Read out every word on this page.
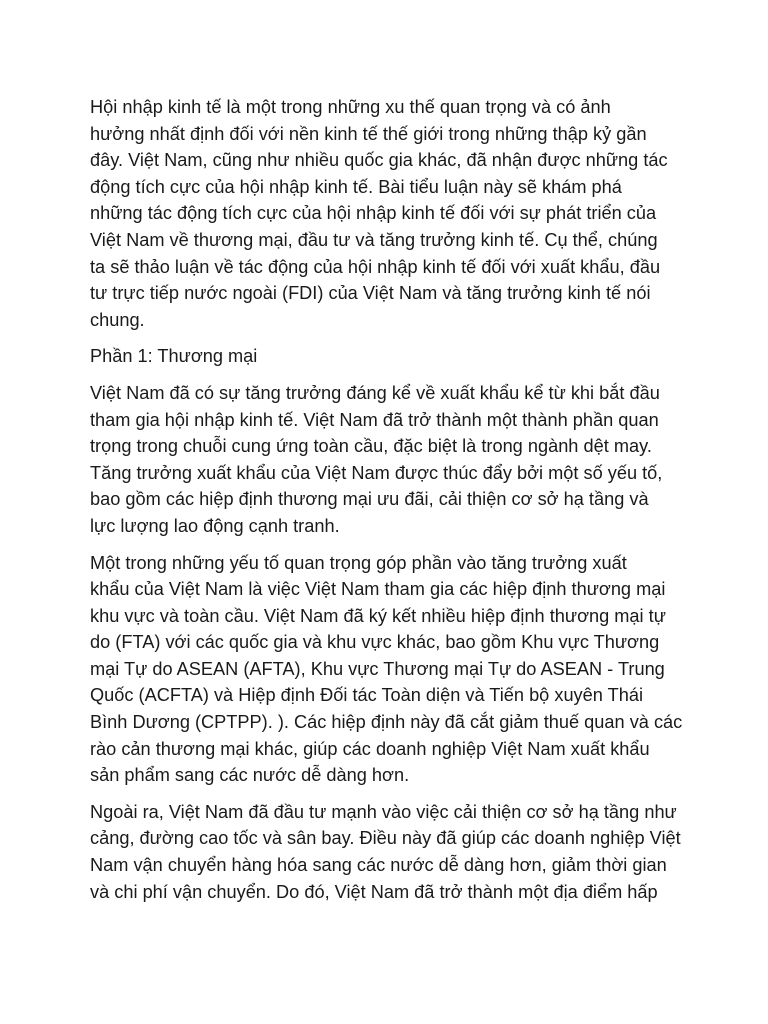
Hội nhập kinh tế là một trong những xu thế quan trọng và có ảnh
hưởng nhất định đối với nền kinh tế thế giới trong những thập kỷ gần
đây. Việt Nam, cũng như nhiều quốc gia khác, đã nhận được những tác
động tích cực của hội nhập kinh tế. Bài tiểu luận này sẽ khám phá
những tác động tích cực của hội nhập kinh tế đối với sự phát triển của
Việt Nam về thương mại, đầu tư và tăng trưởng kinh tế. Cụ thể, chúng
ta sẽ thảo luận về tác động của hội nhập kinh tế đối với xuất khẩu, đầu
tư trực tiếp nước ngoài (FDI) của Việt Nam và tăng trưởng kinh tế nói
chung.

Phần 1: Thương mại

Việt Nam đã có sự tăng trưởng đáng kể về xuất khẩu kể từ khi bắt đầu
tham gia hội nhập kinh tế. Việt Nam đã trở thành một thành phần quan
trọng trong chuỗi cung ứng toàn cầu, đặc biệt là trong ngành dệt may.
Tăng trưởng xuất khẩu của Việt Nam được thúc đẩy bởi một số yếu tố,
bao gồm các hiệp định thương mại ưu đãi, cải thiện cơ sở hạ tầng và
lực lượng lao động cạnh tranh.

Một trong những yếu tố quan trọng góp phần vào tăng trưởng xuất
khẩu của Việt Nam là việc Việt Nam tham gia các hiệp định thương mại
khu vực và toàn cầu. Việt Nam đã ký kết nhiều hiệp định thương mại tự
do (FTA) với các quốc gia và khu vực khác, bao gồm Khu vực Thương
mại Tự do ASEAN (AFTA), Khu vực Thương mại Tự do ASEAN - Trung
Quốc (ACFTA) và Hiệp định Đối tác Toàn diện và Tiến bộ xuyên Thái
Bình Dương (CPTPP). ). Các hiệp định này đã cắt giảm thuế quan và các
rào cản thương mại khác, giúp các doanh nghiệp Việt Nam xuất khẩu
sản phẩm sang các nước dễ dàng hơn.

Ngoài ra, Việt Nam đã đầu tư mạnh vào việc cải thiện cơ sở hạ tầng như
cảng, đường cao tốc và sân bay. Điều này đã giúp các doanh nghiệp Việt
Nam vận chuyển hàng hóa sang các nước dễ dàng hơn, giảm thời gian
và chi phí vận chuyển. Do đó, Việt Nam đã trở thành một địa điểm hấp
